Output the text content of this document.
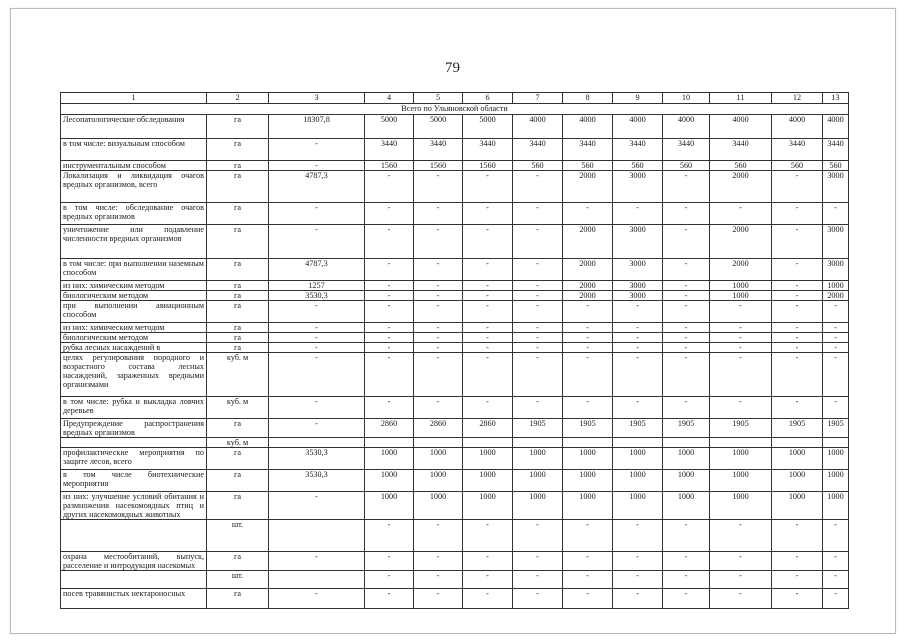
79
1	2	3	4	5	6	7	8	9	10	11	12	13
Всего по Ульяновской области												
Лесопатологические обследования	га	18307,8	5000	5000	5000	4000	4000	4000	4000	4000	4000	4000
в том числе: визуальным способом	га	-	3440	3440	3440	3440	3440	3440	3440	3440	3440	3440
инструментальным способом	га	-	1560	1560	1560	560	560	560	560	560	560	560
Локализация и ликвидация очагов вредных организмов, всего	га	4787,3	-	-	-	-	2000	3000	-	2000	-	3000
в том числе: обследование очагов вредных организмов	га	-	-	-	-	-	-	-	-	-	-	-
уничтожение или подавление численности вредных организмов	га	-	-	-	-	-	2000	3000	-	2000	-	3000
в том числе: при выполнении наземным способом	га	4787,3	-	-	-	-	2000	3000	-	2000	-	3000
из них: химическим методом	га	1257	-	-	-	-	2000	3000	-	1000	-	1000
биологическим методом	га	3530,3	-	-	-	-	2000	3000	-	1000	-	2000
при выполнении авиационным способом	га	-	-	-	-	-	-	-	-	-	-	-
из них: химическим методом	га	-	-	-	-	-	-	-	-	-	-	-
биологическим методом	га	-	-	-	-	-	-	-	-	-	-	-
рубка лесных насаждений в	га	-	-	-	-	-	-	-	-	-	-	-
целях регулирования породного и возрастного состава лесных насаждений, зараженных вредными организмами	куб. м	-	-	-	-	-	-	-	-	-	-	-
в том числе: рубка и выкладка ловчих деревьев	куб. м	-	-	-	-	-	-	-	-	-	-	-
Предупреждение распространения вредных организмов	га	-	2860	2860	2860	1905	1905	1905	1905	1905	1905	1905
	куб. м											
профилактические мероприятия по защите лесов, всего	га	3530,3	1000	1000	1000	1000	1000	1000	1000	1000	1000	1000
в том числе биотехнические мероприятия	га	3530,3	1000	1000	1000	1000	1000	1000	1000	1000	1000	1000
из них: улучшение условий обитания и размножения насекомоядных птиц и других насекомоядных животных	га	-	1000	1000	1000	1000	1000	1000	1000	1000	1000	1000
	шт.		-	-	-	-	-	-	-	-	-	-
охрана местообитаний, выпуск, расселение и интродукция насекомых	га	-	-	-	-	-	-	-	-	-	-	-
	шт.		-	-	-	-	-	-	-	-	-	-
посев травянистых нектароносных	га	-	-	-	-	-	-	-	-	-	-	-
